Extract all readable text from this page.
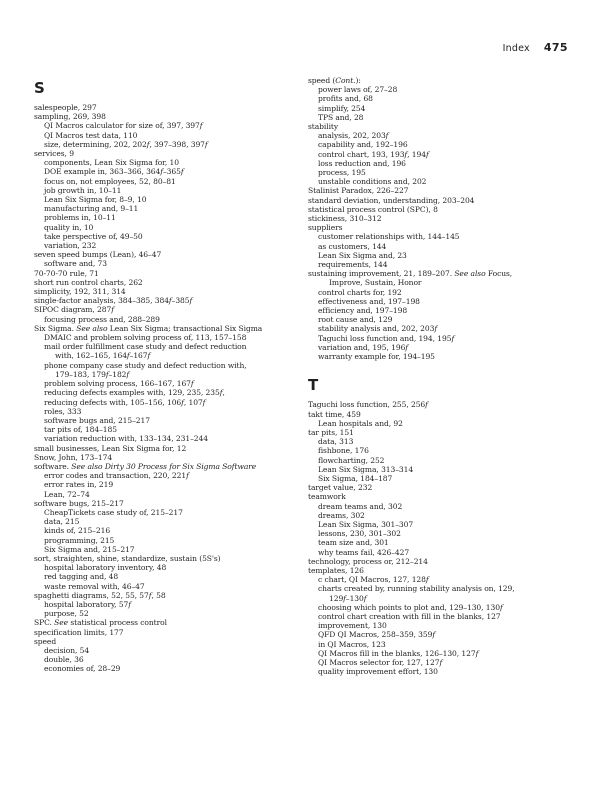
Index 475
S
salespeople, 297
sampling, 269, 398
QI Macros calculator for size of, 397, 397f
QI Macros test data, 110
size, determining, 202, 202f, 397–398, 397f
services, 9
components, Lean Six Sigma for, 10
DOE example in, 363–366, 364f–365f
focus on, not employees, 52, 80–81
job growth in, 10–11
Lean Six Sigma for, 8–9, 10
manufacturing and, 9–11
problems in, 10–11
quality in, 10
take perspective of, 49–50
variation, 232
seven speed bumps (Lean), 46–47
software and, 73
70-70-70 rule, 71
short run control charts, 262
simplicity, 192, 311, 314
single-factor analysis, 384–385, 384f–385f
SIPOC diagram, 287f
focusing process and, 288–289
Six Sigma. See also Lean Six Sigma; transactional Six Sigma
DMAIC and problem solving process of, 113, 157–158
mail order fulfillment case study and defect reduction
with, 162–165, 164f–167f
phone company case study and defect reduction with,
179–183, 179f–182f
problem solving process, 166–167, 167f
reducing defects examples with, 129, 235, 235f,
reducing defects with, 105–156, 106f, 107f
roles, 333
software bugs and, 215–217
tar pits of, 184–185
variation reduction with, 133–134, 231–244
small businesses, Lean Six Sigma for, 12
Snow, John, 173–174
software. See also Dirty 30 Process for Six Sigma Software
error codes and transaction, 220, 221f
error rates in, 219
Lean, 72–74
software bugs, 215–217
CheapTickets case study of, 215–217
data, 215
kinds of, 215–216
programming, 215
Six Sigma and, 215–217
sort, straighten, shine, standardize, sustain (5S's)
hospital laboratory inventory, 48
red tagging and, 48
waste removal with, 46–47
spaghetti diagrams, 52, 55, 57f, 58
hospital laboratory, 57f
purpose, 52
SPC. See statistical process control
specification limits, 177
speed
decision, 54
double, 36
economies of, 28–29
speed (Cont.):
power laws of, 27–28
profits and, 68
simplify, 254
TPS and, 28
stability
analysis, 202, 203f
capability and, 192–196
control chart, 193, 193f, 194f
loss reduction and, 196
process, 195
unstable conditions and, 202
Stalinist Paradox, 226–227
standard deviation, understanding, 203–204
statistical process control (SPC), 8
stickiness, 310–312
suppliers
customer relationships with, 144–145
as customers, 144
Lean Six Sigma and, 23
requirements, 144
sustaining improvement, 21, 189–207. See also Focus,
Improve, Sustain, Honor
control charts for, 192
effectiveness and, 197–198
efficiency and, 197–198
root cause and, 129
stability analysis and, 202, 203f
Taguchi loss function and, 194, 195f
variation and, 195, 196f
warranty example for, 194–195
T
Taguchi loss function, 255, 256f
takt time, 459
Lean hospitals and, 92
tar pits, 151
data, 313
fishbone, 176
flowcharting, 252
Lean Six Sigma, 313–314
Six Sigma, 184–187
target value, 232
teamwork
dream teams and, 302
dreams, 302
Lean Six Sigma, 301–307
lessons, 230, 301–302
team size and, 301
why teams fail, 426–427
technology, process or, 212–214
templates, 126
c chart, QI Macros, 127, 128f
charts created by, running stability analysis on, 129,
129f–130f
choosing which points to plot and, 129–130, 130f
control chart creation with fill in the blanks, 127
improvement, 130
QFD QI Macros, 258–359, 359f
in QI Macros, 123
QI Macros fill in the blanks, 126–130, 127f
QI Macros selector for, 127, 127f
quality improvement effort, 130
